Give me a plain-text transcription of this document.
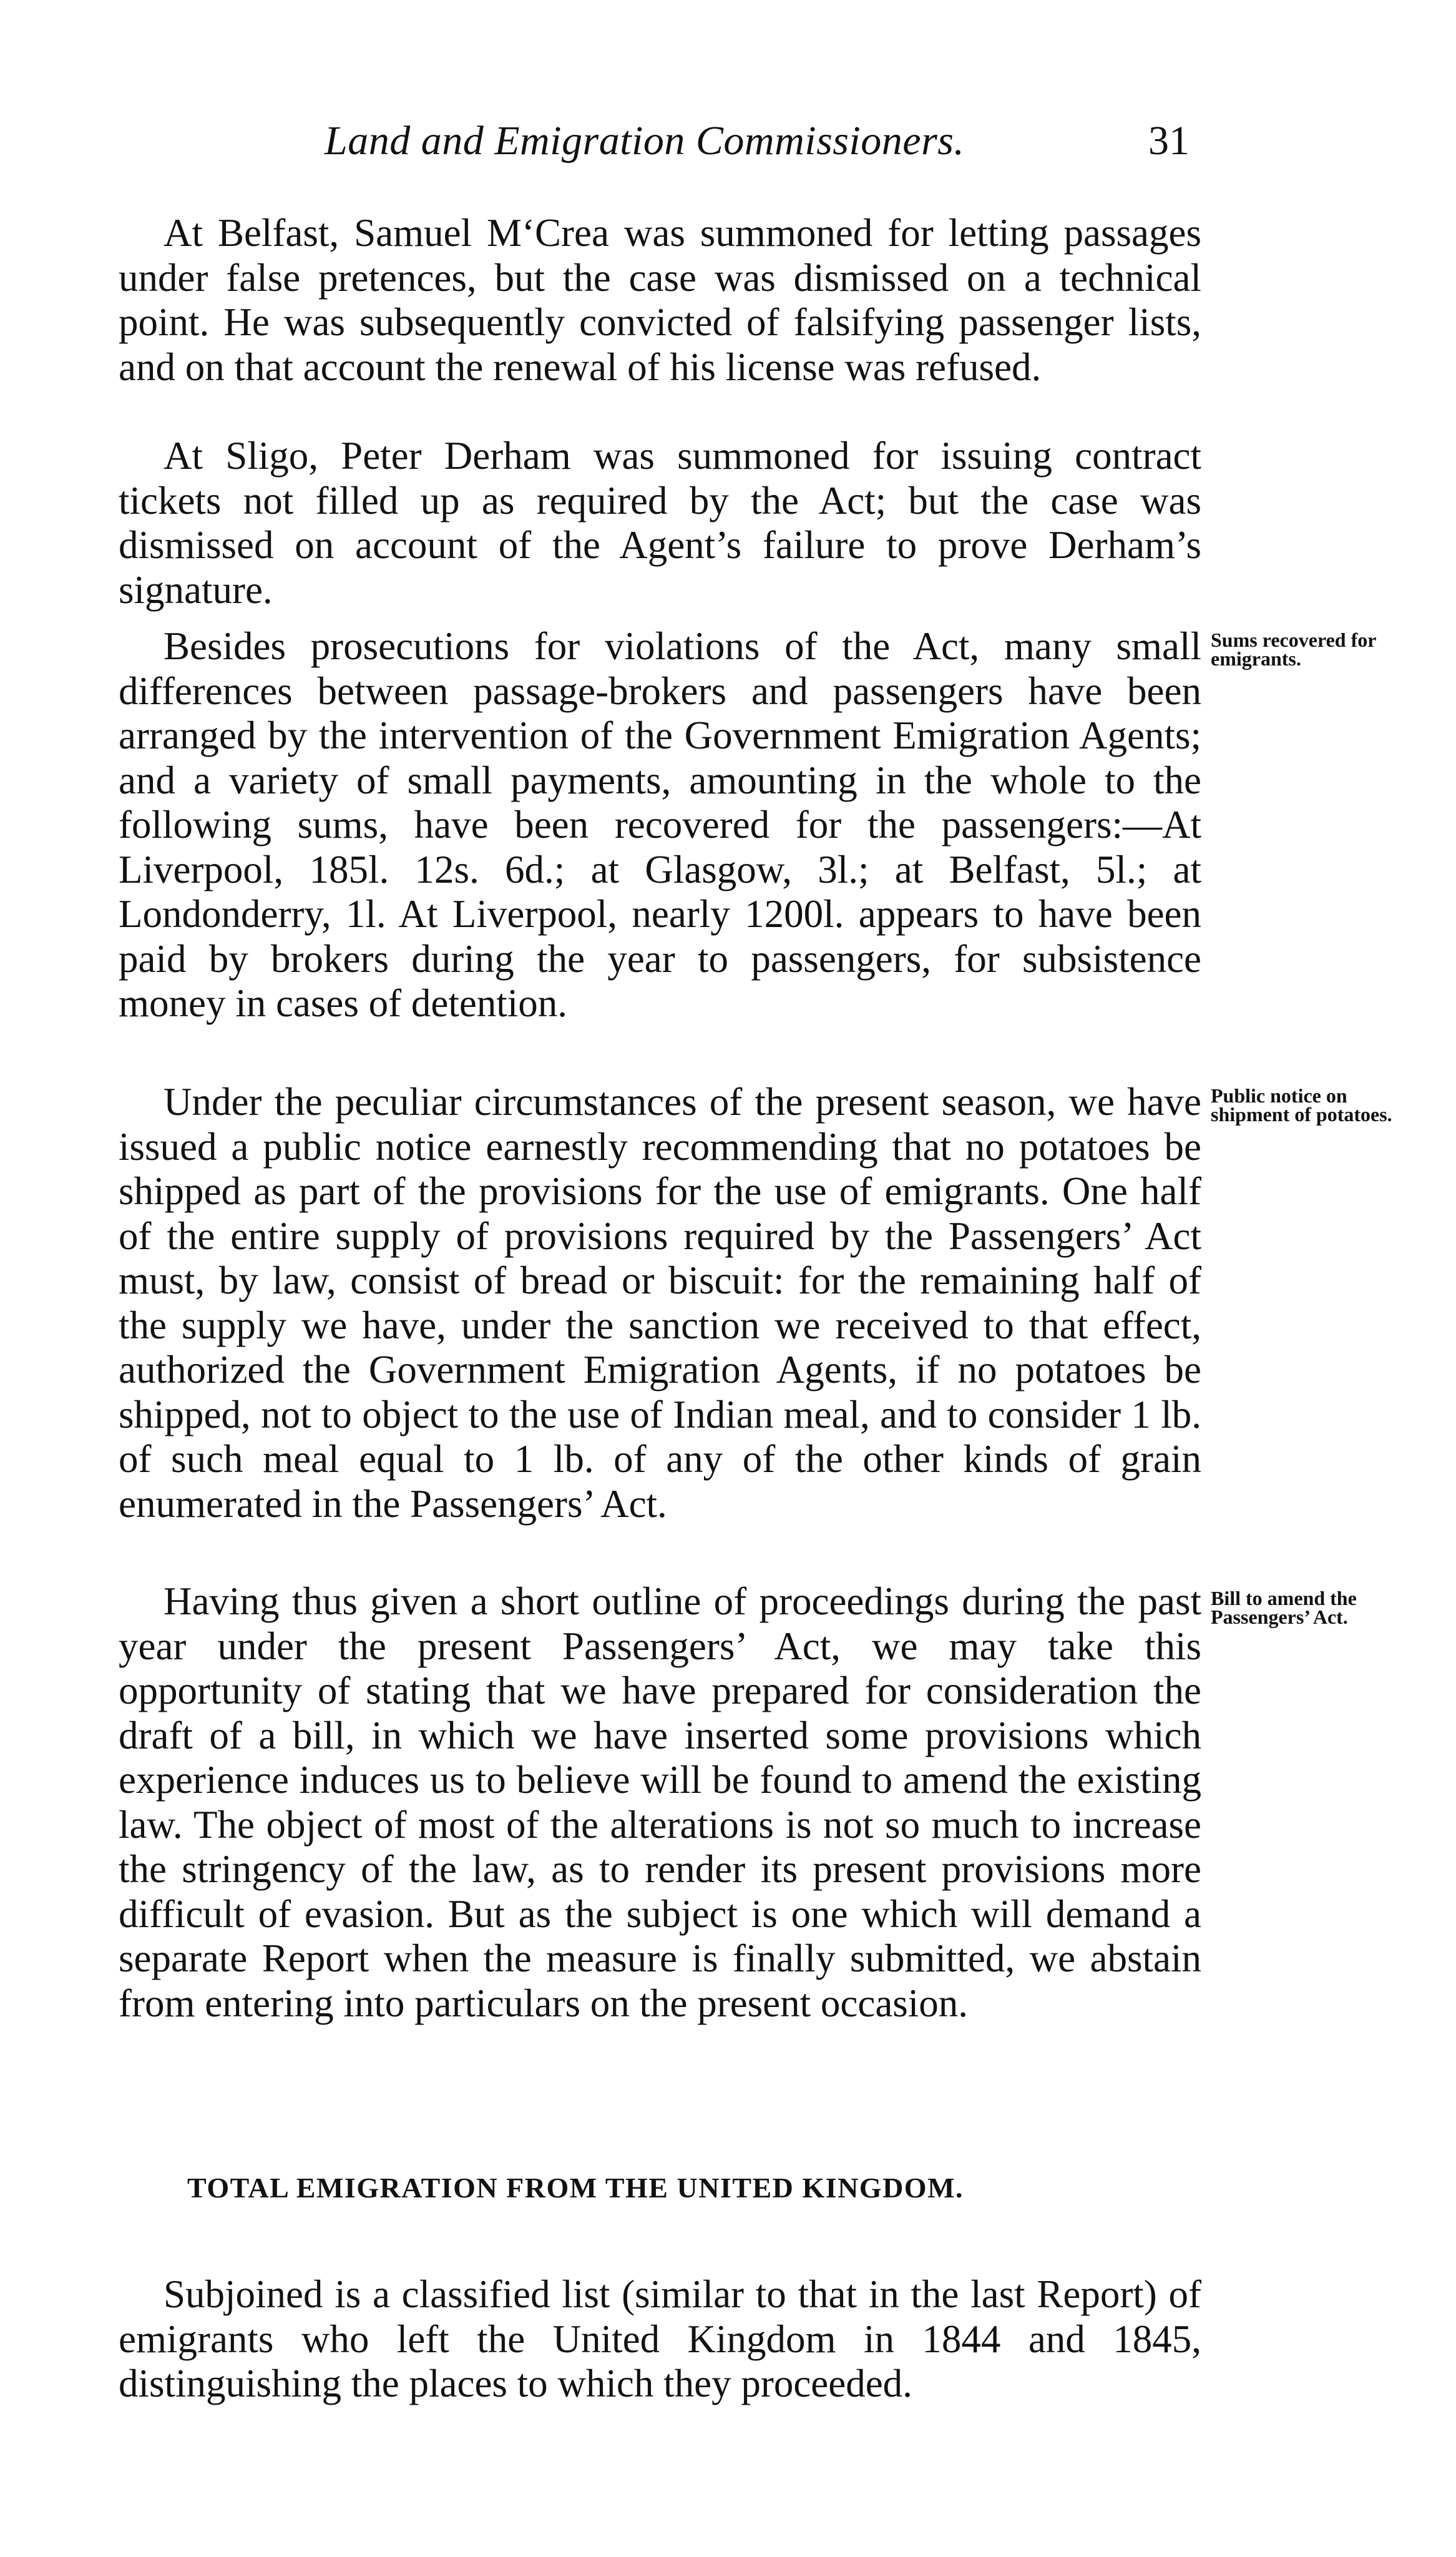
Land and Emigration Commissioners.	31

At Belfast, Samuel M‘Crea was summoned for letting passages under false pretences, but the case was dismissed on a technical point. He was subsequently convicted of falsifying passenger lists, and on that account the renewal of his license was refused.

At Sligo, Peter Derham was summoned for issuing contract tickets not filled up as required by the Act; but the case was dismissed on account of the Agent’s failure to prove Derham’s signature.

Sums recovered for emigrants.

Besides prosecutions for violations of the Act, many small differences between passage-brokers and passengers have been arranged by the intervention of the Government Emigration Agents; and a variety of small payments, amounting in the whole to the following sums, have been recovered for the passengers:—At Liverpool, 185l. 12s. 6d.; at Glasgow, 3l.; at Belfast, 5l.; at Londonderry, 1l. At Liverpool, nearly 1200l. appears to have been paid by brokers during the year to passengers, for subsistence money in cases of detention.

Public notice on shipment of potatoes.

Under the peculiar circumstances of the present season, we have issued a public notice earnestly recommending that no potatoes be shipped as part of the provisions for the use of emigrants. One half of the entire supply of provisions required by the Passengers’ Act must, by law, consist of bread or biscuit: for the remaining half of the supply we have, under the sanction we received to that effect, authorized the Government Emigration Agents, if no potatoes be shipped, not to object to the use of Indian meal, and to consider 1 lb. of such meal equal to 1 lb. of any of the other kinds of grain enumerated in the Passengers’ Act.

Bill to amend the Passengers’ Act.

Having thus given a short outline of proceedings during the past year under the present Passengers’ Act, we may take this opportunity of stating that we have prepared for consideration the draft of a bill, in which we have inserted some provisions which experience induces us to believe will be found to amend the existing law. The object of most of the alterations is not so much to increase the stringency of the law, as to render its present provisions more difficult of evasion. But as the subject is one which will demand a separate Report when the measure is finally submitted, we abstain from entering into particulars on the present occasion.

TOTAL EMIGRATION FROM THE UNITED KINGDOM.

Subjoined is a classified list (similar to that in the last Report) of emigrants who left the United Kingdom in 1844 and 1845, distinguishing the places to which they proceeded.
